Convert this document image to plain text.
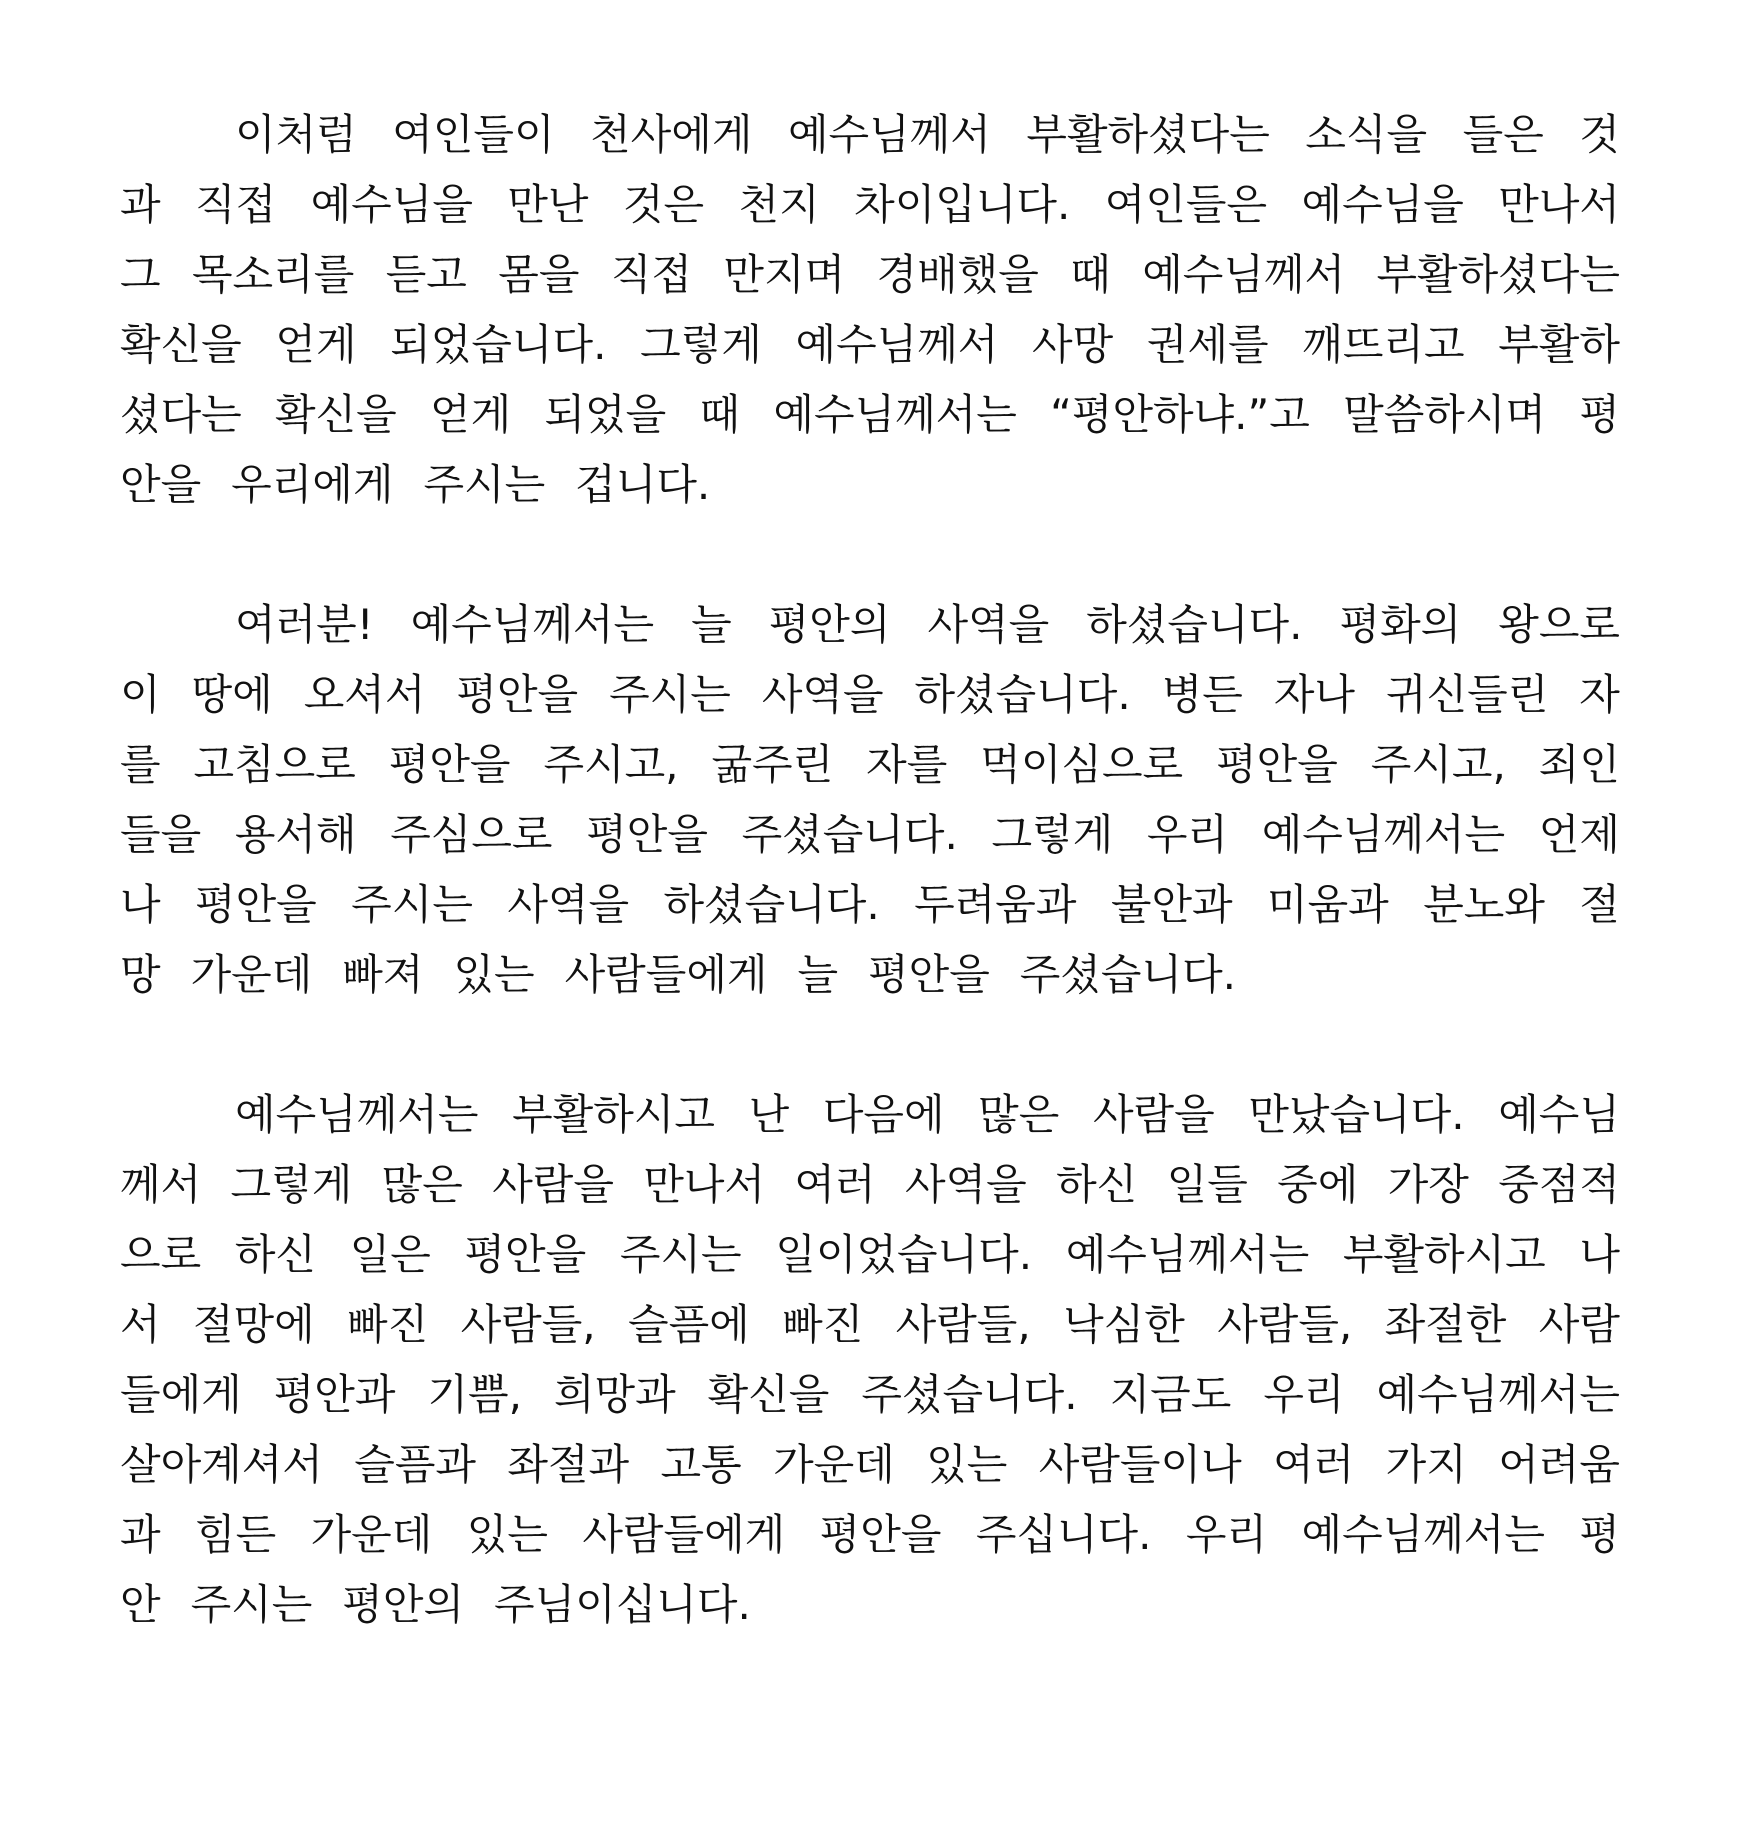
이처럼 여인들이 천사에게 예수님께서 부활하셨다는 소식을 들은 것
과 직접 예수님을 만난 것은 천지 차이입니다. 여인들은 예수님을 만나서
그 목소리를 듣고 몸을 직접 만지며 경배했을 때 예수님께서 부활하셨다는
확신을 얻게 되었습니다. 그렇게 예수님께서 사망 권세를 깨뜨리고 부활하
셨다는 확신을 얻게 되었을 때 예수님께서는 “평안하냐.”고 말씀하시며 평
안을 우리에게 주시는 겁니다.
여러분! 예수님께서는 늘 평안의 사역을 하셨습니다. 평화의 왕으로
이 땅에 오셔서 평안을 주시는 사역을 하셨습니다. 병든 자나 귀신들린 자
를 고침으로 평안을 주시고, 굶주린 자를 먹이심으로 평안을 주시고, 죄인
들을 용서해 주심으로 평안을 주셨습니다. 그렇게 우리 예수님께서는 언제
나 평안을 주시는 사역을 하셨습니다. 두려움과 불안과 미움과 분노와 절
망 가운데 빠져 있는 사람들에게 늘 평안을 주셨습니다.
예수님께서는 부활하시고 난 다음에 많은 사람을 만났습니다. 예수님
께서 그렇게 많은 사람을 만나서 여러 사역을 하신 일들 중에 가장 중점적
으로 하신 일은 평안을 주시는 일이었습니다. 예수님께서는 부활하시고 나
서 절망에 빠진 사람들, 슬픔에 빠진 사람들, 낙심한 사람들, 좌절한 사람
들에게 평안과 기쁨, 희망과 확신을 주셨습니다. 지금도 우리 예수님께서는
살아계셔서 슬픔과 좌절과 고통 가운데 있는 사람들이나 여러 가지 어려움
과 힘든 가운데 있는 사람들에게 평안을 주십니다. 우리 예수님께서는 평
안 주시는 평안의 주님이십니다.
